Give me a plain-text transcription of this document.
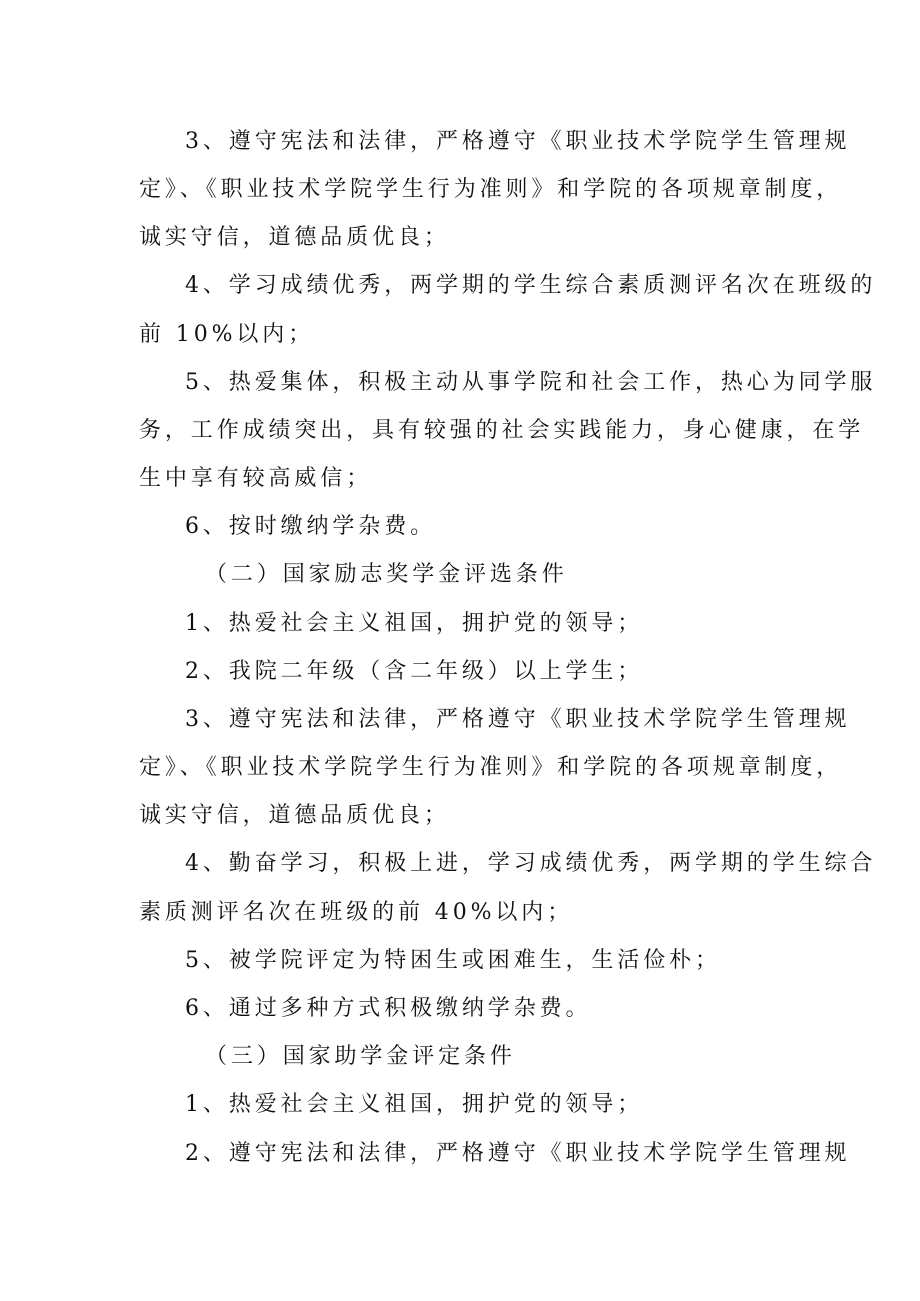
3、遵守宪法和法律，严格遵守《职业技术学院学生管理规
定》、《职业技术学院学生行为准则》和学院的各项规章制度，
诚实守信，道德品质优良；
4、学习成绩优秀，两学期的学生综合素质测评名次在班级的
前 10%以内；
5、热爱集体，积极主动从事学院和社会工作，热心为同学服
务，工作成绩突出，具有较强的社会实践能力，身心健康，在学
生中享有较高威信；
6、按时缴纳学杂费。
（二）国家励志奖学金评选条件
1、热爱社会主义祖国，拥护党的领导；
2、我院二年级（含二年级）以上学生；
3、遵守宪法和法律，严格遵守《职业技术学院学生管理规
定》、《职业技术学院学生行为准则》和学院的各项规章制度，
诚实守信，道德品质优良；
4、勤奋学习，积极上进，学习成绩优秀，两学期的学生综合
素质测评名次在班级的前 40%以内；
5、被学院评定为特困生或困难生，生活俭朴；
6、通过多种方式积极缴纳学杂费。
（三）国家助学金评定条件
1、热爱社会主义祖国，拥护党的领导；
2、遵守宪法和法律，严格遵守《职业技术学院学生管理规
